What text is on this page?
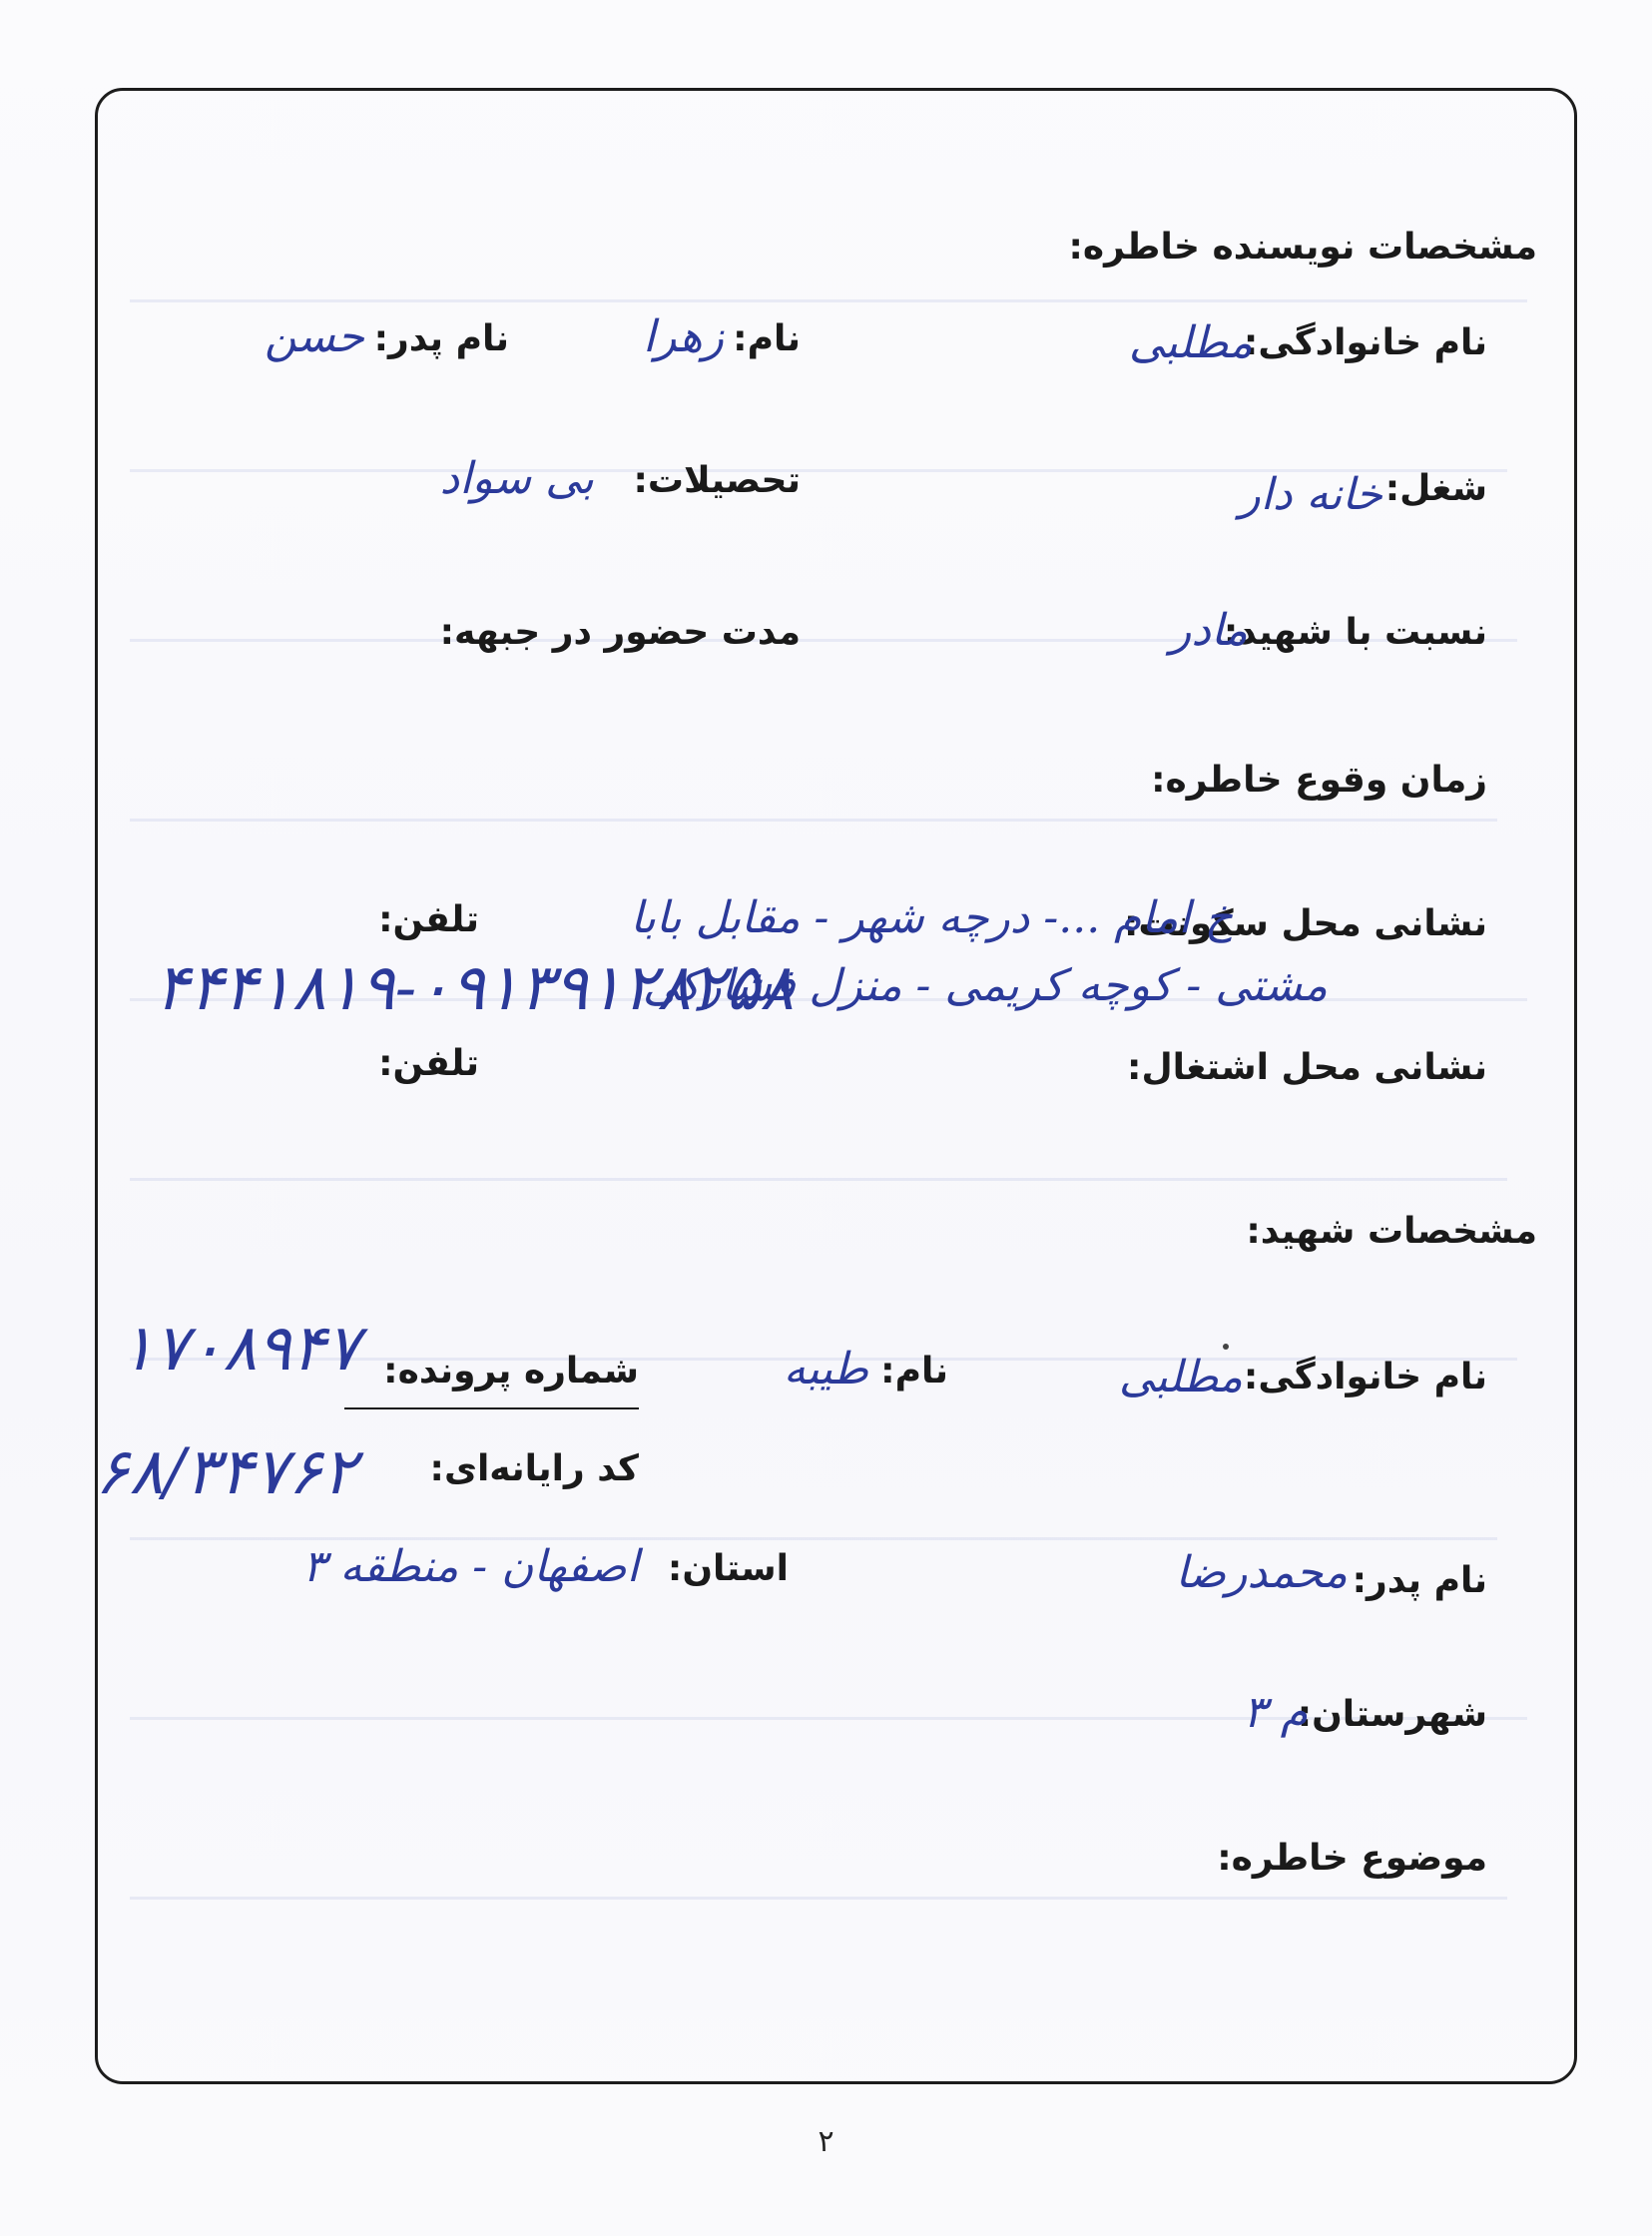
مشخصات نویسنده خاطره:
نام خانوادگی:
مطلبی
نام:
زهرا
نام پدر:
حسن
شغل:
خانه دار
تحصیلات:
بی سواد
نسبت با شهید:
مادر
مدت حضور در جبهه:
زمان وقوع خاطره:
نشانی محل سکونت:
خ امام ...- درچه شهر - مقابل بابا
تلفن:
مشتی - کوچه کریمی - منزل فشارکی
۴۴۴۱۸۱۹-۰۹۱۳۹۱۲۸۲۵۸
نشانی محل اشتغال:
تلفن:
مشخصات شهید:
نام خانوادگی:
مطلبی
نام:
طیبه
شماره پرونده:
۱۷۰۸۹۴۷
کد رایانه‌ای:
۶۸/۳۴۷۶۲
نام پدر:
محمدرضا
استان:
اصفهان - منطقه ۳
شهرستان:
م ۳
موضوع خاطره:
۲
